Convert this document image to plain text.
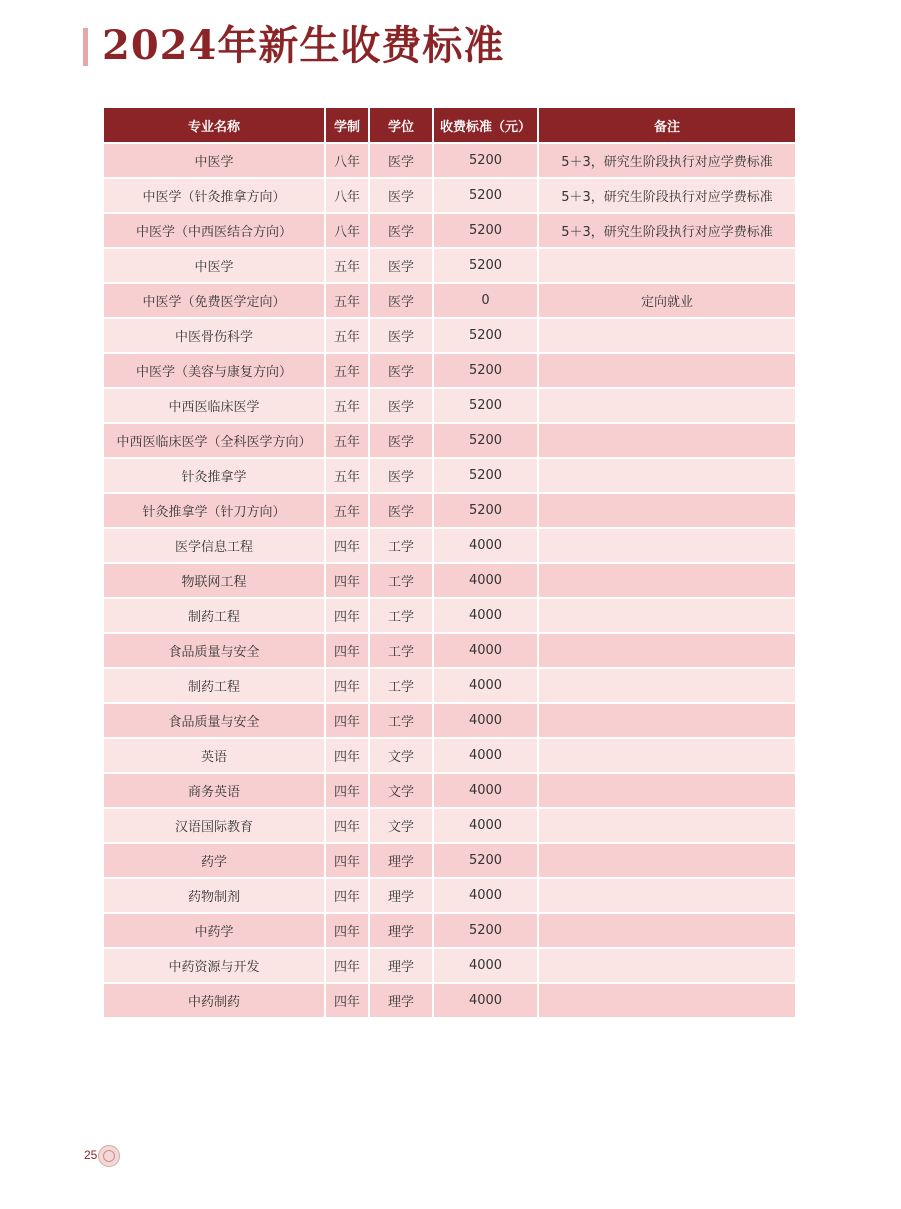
2024年新生收费标准
专业名称	学制	学位	收费标准（元）	备注
中医学	八年	医学	5200	5＋3，研究生阶段执行对应学费标准
中医学（针灸推拿方向）	八年	医学	5200	5＋3，研究生阶段执行对应学费标准
中医学（中西医结合方向）	八年	医学	5200	5＋3，研究生阶段执行对应学费标准
中医学	五年	医学	5200	
中医学（免费医学定向）	五年	医学	0	定向就业
中医骨伤科学	五年	医学	5200	
中医学（美容与康复方向）	五年	医学	5200	
中西医临床医学	五年	医学	5200	
中西医临床医学（全科医学方向）	五年	医学	5200	
针灸推拿学	五年	医学	5200	
针灸推拿学（针刀方向）	五年	医学	5200	
医学信息工程	四年	工学	4000	
物联网工程	四年	工学	4000	
制药工程	四年	工学	4000	
食品质量与安全	四年	工学	4000	
制药工程	四年	工学	4000	
食品质量与安全	四年	工学	4000	
英语	四年	文学	4000	
商务英语	四年	文学	4000	
汉语国际教育	四年	文学	4000	
药学	四年	理学	5200	
药物制剂	四年	理学	4000	
中药学	四年	理学	5200	
中药资源与开发	四年	理学	4000	
中药制药	四年	理学	4000	
25
